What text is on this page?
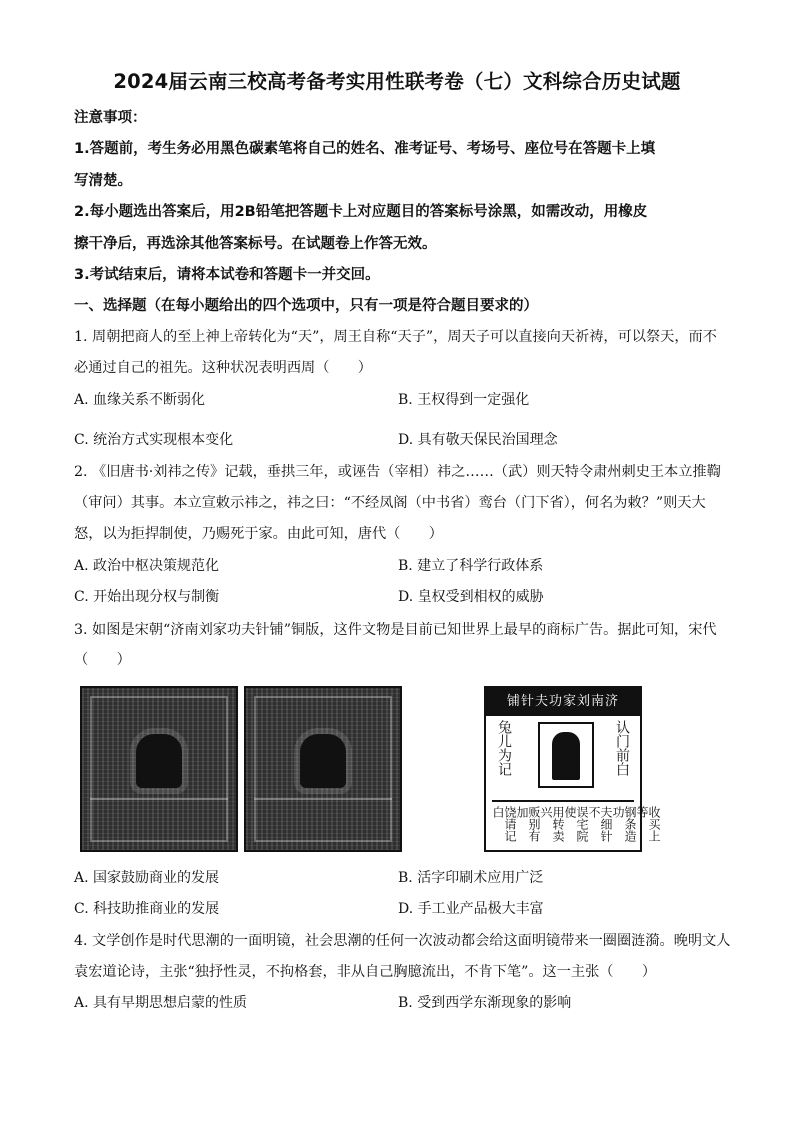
2024届云南三校高考备考实用性联考卷（七）文科综合历史试题
注意事项：
1.答题前，考生务必用黑色碳素笔将自己的姓名、准考证号、考场号、座位号在答题卡上填
写清楚。
2.每小题选出答案后，用2B铅笔把答题卡上对应题目的答案标号涂黑，如需改动，用橡皮
擦干净后，再选涂其他答案标号。在试题卷上作答无效。
3.考试结束后，请将本试卷和答题卡一并交回。
一、选择题（在每小题给出的四个选项中，只有一项是符合题目要求的）
1. 周朝把商人的至上神上帝转化为“天”，周王自称“天子”，周天子可以直接向天祈祷，可以祭天，而不
必通过自己的祖先。这种状况表明西周（　　）
A. 血缘关系不断弱化	B. 王权得到一定强化
C. 统治方式实现根本变化	D. 具有敬天保民治国理念
2. 《旧唐书·刘祎之传》记载，垂拱三年，或诬告（宰相）祎之……（武）则天特令肃州刺史王本立推鞫
（审问）其事。本立宣敕示祎之，祎之曰：“不经凤阁（中书省）鸾台（门下省），何名为敕？”则天大
怒，以为拒捍制使，乃赐死于家。由此可知，唐代（　　）
A. 政治中枢决策规范化	B. 建立了科学行政体系
C. 开始出现分权与制衡	D. 皇权受到相权的威胁
3. 如图是宋朝“济南刘家功夫针铺”铜版，这件文物是目前已知世界上最早的商标广告。据此可知，宋代
（　　）
铺针夫功家刘南济
兔儿为记	认门前白
饶请记白	贩别有加	用转卖兴	误宅院使	夫细针不	钢条造功	收买上等
A. 国家鼓励商业的发展	B. 活字印刷术应用广泛
C. 科技助推商业的发展	D. 手工业产品极大丰富
4. 文学创作是时代思潮的一面明镜，社会思潮的任何一次波动都会给这面明镜带来一圈圈涟漪。晚明文人
袁宏道论诗，主张“独抒性灵，不拘格套，非从自己胸臆流出，不肯下笔”。这一主张（　　）
A. 具有早期思想启蒙的性质	B. 受到西学东渐现象的影响
